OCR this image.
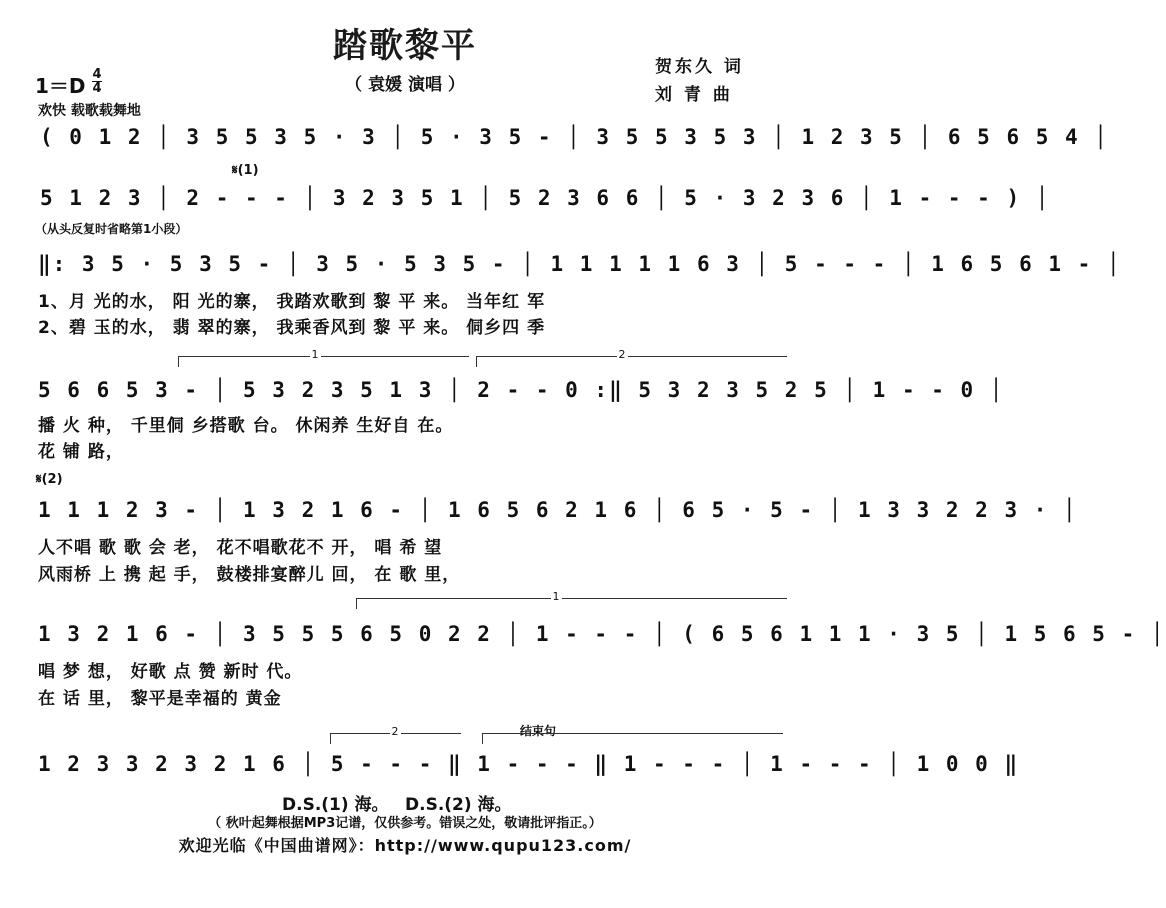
踏歌黎平
（ 袁媛 演唱 ）
贺东久 词
刘 青 曲
1＝D 4
4
欢快 载歌载舞地
( 0 1 2 │ 3 5 5 3 5 · 3 │ 5 · 3 5 - │ 3 5 5 3 5 3 │ 1 2 3 5 │ 6 5 6 5 4 │
𝄋(1)
5 1 2 3 │ 2 - - - │ 3 2 3 5 1 │ 5 2 3 6 6 │ 5 · 3 2 3 6 │ 1 - - - ) │
（从头反复时省略第1小段）
‖: 3 5 · 5 3 5 - │ 3 5 · 5 3 5 - │ 1 1 1 1 1 6 3 │ 5 - - - │ 1 6 5 6 1 - │
1、月 光的水， 阳 光的寨， 我踏欢歌到 黎 平 来。 当年红 军
2、碧 玉的水， 翡 翠的寨， 我乘香风到 黎 平 来。 侗乡四 季
1	2
5 6 6 5 3 - │ 5 3 2 3 5 1 3 │ 2 - - 0 :‖ 5 3 2 3 5 2 5 │ 1 - - 0 │
播 火 种， 千里侗 乡搭歌 台。 休闲养 生好自 在。
花 铺 路，
𝄋(2)
1 1 1 2 3 - │ 1 3 2 1 6 - │ 1 6 5 6 2 1 6 │ 6 5 · 5 - │ 1 3 3 2 2 3 · │
人不唱 歌 歌 会 老， 花不唱歌花不 开， 唱 希 望
风雨桥 上 携 起 手， 鼓楼排宴醉儿 回， 在 歌 里，
1
1 3 2 1 6 - │ 3 5 5 5 6 5 0 2 2 │ 1 - - - │ ( 6 5 6 1 1 1 · 3 5 │ 1 5 6 5 - │
唱 梦 想， 好歌 点 赞 新时 代。
在 话 里， 黎平是幸福的 黄金
2	结束句
1 2 3 3 2 3 2 1 6 │ 5 - - - ‖ 1 - - - ‖ 1 - - - │ 1 - - - │ 1 0 0 ‖
D.S.(1) 海。 D.S.(2) 海。
（ 秋叶起舞根据MP3记谱，仅供参考。错误之处，敬请批评指正。）
欢迎光临《中国曲谱网》：http://www.qupu123.com/
